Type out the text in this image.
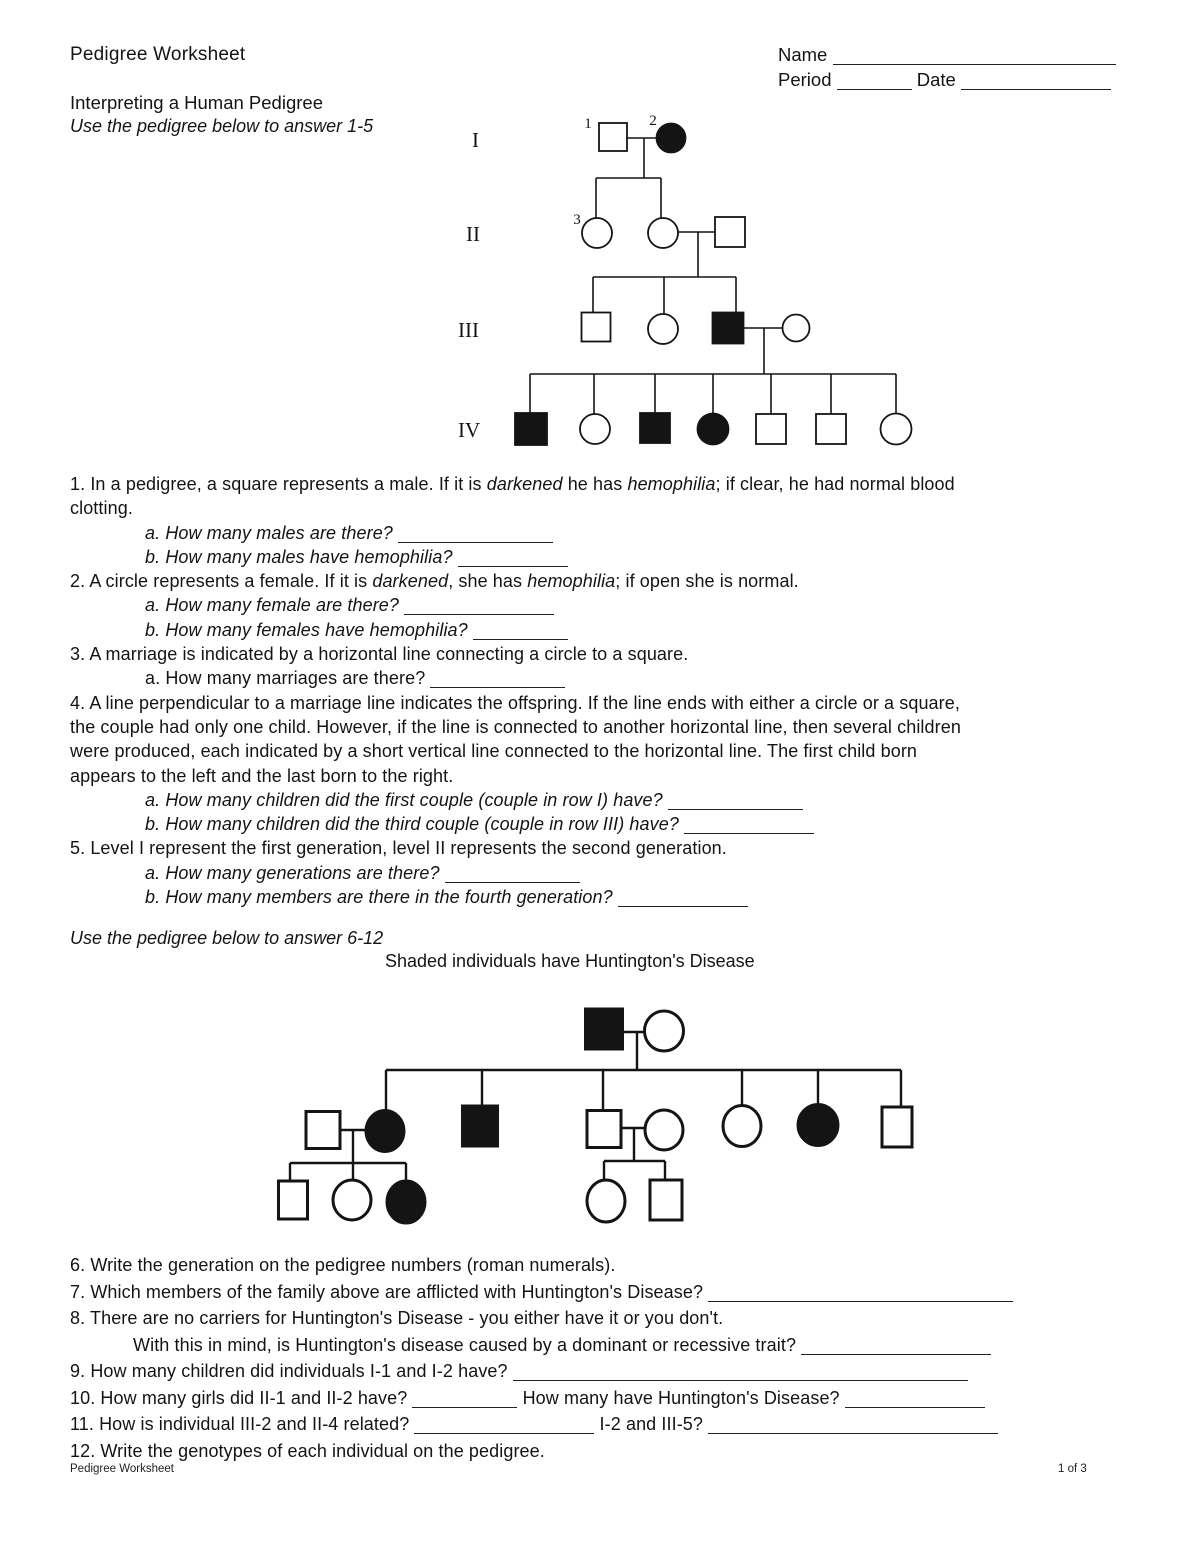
Pedigree Worksheet	Name
Period	Date
Interpreting a Human Pedigree
Use the pedigree below to answer 1-5
I
II
III
IV
1	2
3
1. In a pedigree, a square represents a male. If it is darkened he has hemophilia; if clear, he had normal blood
clotting.
a. How many males are there?
b. How many males have hemophilia?
2. A circle represents a female. If it is darkened, she has hemophilia; if open she is normal.
a. How many female are there?
b. How many females have hemophilia?
3. A marriage is indicated by a horizontal line connecting a circle to a square.
a. How many marriages are there?
4. A line perpendicular to a marriage line indicates the offspring. If the line ends with either a circle or a square,
the couple had only one child. However, if the line is connected to another horizontal line, then several children
were produced, each indicated by a short vertical line connected to the horizontal line. The first child born
appears to the left and the last born to the right.
a. How many children did the first couple (couple in row I) have?
b. How many children did the third couple (couple in row III) have?
5. Level I represent the first generation, level II represents the second generation.
a. How many generations are there?
b. How many members are there in the fourth generation?
Use the pedigree below to answer 6-12
Shaded individuals have Huntington's Disease
6. Write the generation on the pedigree numbers (roman numerals).
7. Which members of the family above are afflicted with Huntington's Disease?
8. There are no carriers for Huntington's Disease - you either have it or you don't.
With this in mind, is Huntington's disease caused by a dominant or recessive trait?
9. How many children did individuals I-1 and I-2 have?
10. How many girls did II-1 and II-2 have?	How many have Huntington's Disease?
11. How is individual III-2 and II-4 related?	I-2 and III-5?
12. Write the genotypes of each individual on the pedigree.
Pedigree Worksheet	1 of 3
